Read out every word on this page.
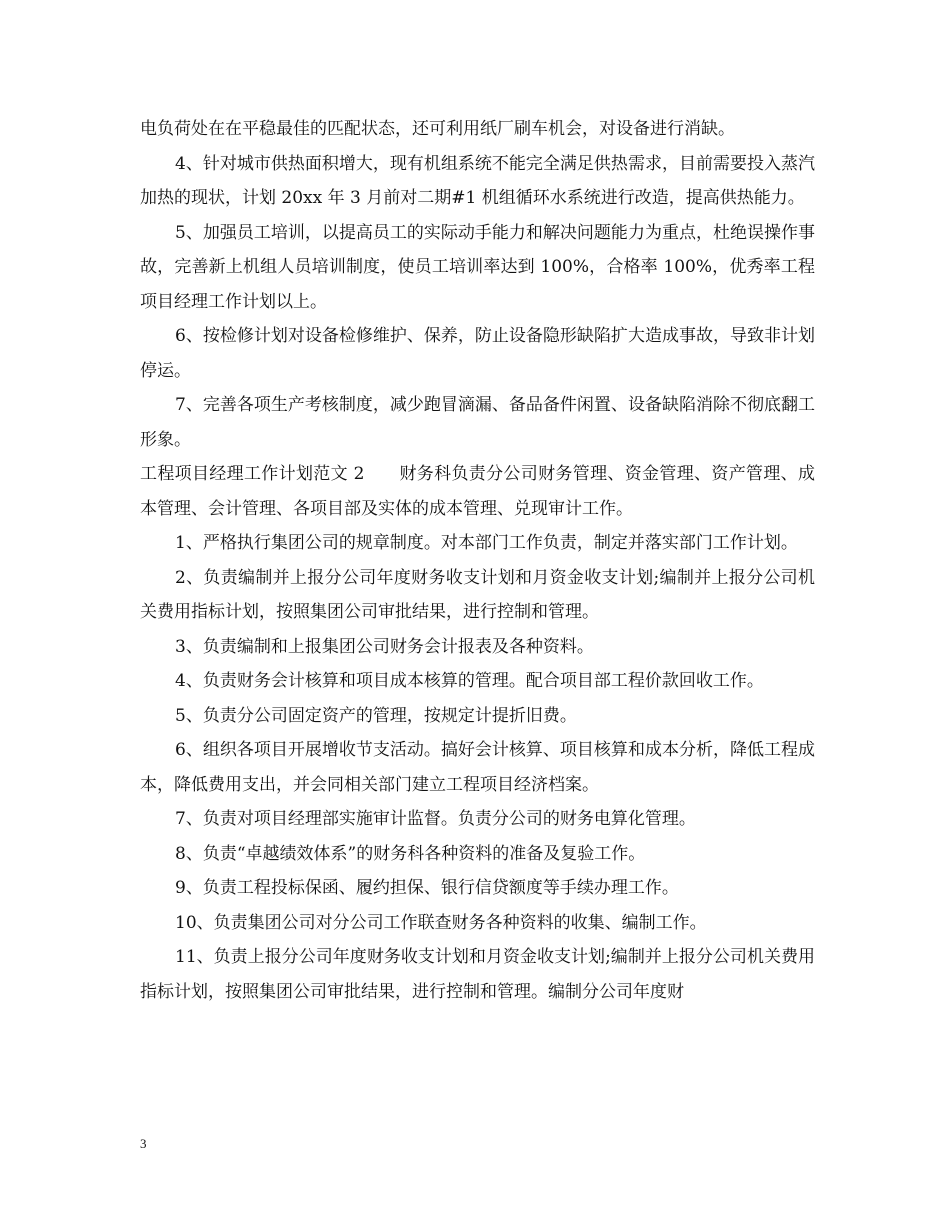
电负荷处在在平稳最佳的匹配状态，还可利用纸厂刷车机会，对设备进行消缺。

4、针对城市供热面积增大，现有机组系统不能完全满足供热需求，目前需要投入蒸汽加热的现状，计划 20xx 年 3 月前对二期#1 机组循环水系统进行改造，提高供热能力。

5、加强员工培训，以提高员工的实际动手能力和解决问题能力为重点，杜绝误操作事故，完善新上机组人员培训制度，使员工培训率达到 100%，合格率 100%，优秀率工程项目经理工作计划以上。

6、按检修计划对设备检修维护、保养，防止设备隐形缺陷扩大造成事故，导致非计划停运。

7、完善各项生产考核制度，减少跑冒滴漏、备品备件闲置、设备缺陷消除不彻底翻工形象。

工程项目经理工作计划范文 2　　财务科负责分公司财务管理、资金管理、资产管理、成本管理、会计管理、各项目部及实体的成本管理、兑现审计工作。

1、严格执行集团公司的规章制度。对本部门工作负责，制定并落实部门工作计划。

2、负责编制并上报分公司年度财务收支计划和月资金收支计划;编制并上报分公司机关费用指标计划，按照集团公司审批结果，进行控制和管理。

3、负责编制和上报集团公司财务会计报表及各种资料。

4、负责财务会计核算和项目成本核算的管理。配合项目部工程价款回收工作。

5、负责分公司固定资产的管理，按规定计提折旧费。

6、组织各项目开展增收节支活动。搞好会计核算、项目核算和成本分析，降低工程成本，降低费用支出，并会同相关部门建立工程项目经济档案。

7、负责对项目经理部实施审计监督。负责分公司的财务电算化管理。

8、负责“卓越绩效体系”的财务科各种资料的准备及复验工作。

9、负责工程投标保函、履约担保、银行信贷额度等手续办理工作。

10、负责集团公司对分公司工作联查财务各种资料的收集、编制工作。

11、负责上报分公司年度财务收支计划和月资金收支计划;编制并上报分公司机关费用指标计划，按照集团公司审批结果，进行控制和管理。编制分公司年度财

3
